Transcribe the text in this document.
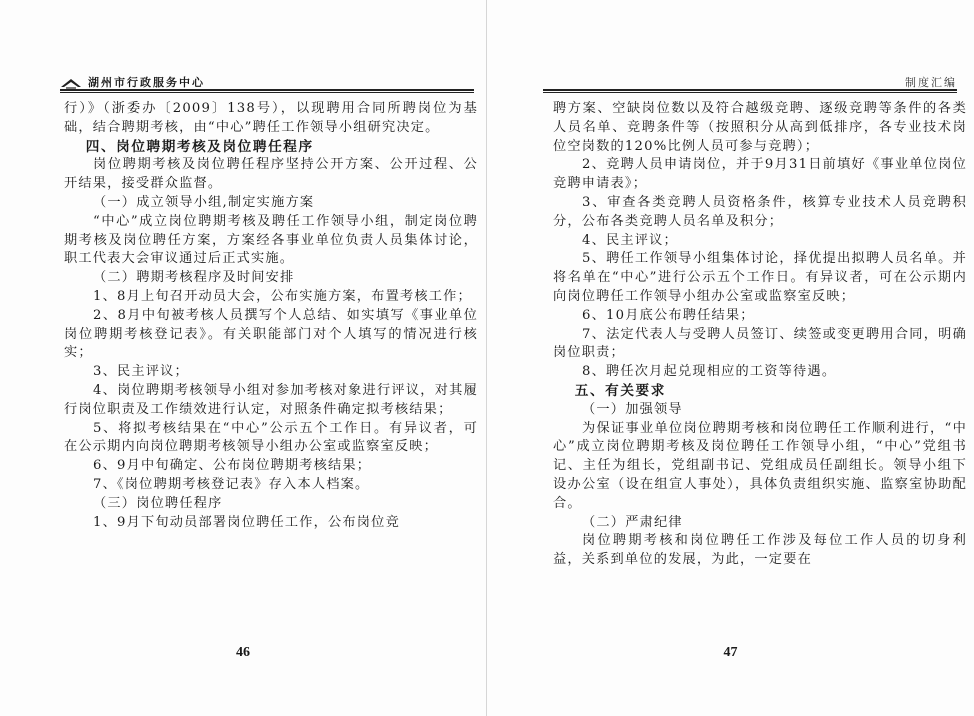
湖州市行政服务中心

行）》（浙委办〔2009〕138号），以现聘用合同所聘岗位为基础，结合聘期考核，由“中心”聘任工作领导小组研究决定。

四、岗位聘期考核及岗位聘任程序

岗位聘期考核及岗位聘任程序坚持公开方案、公开过程、公开结果，接受群众监督。

（一）成立领导小组,制定实施方案

“中心”成立岗位聘期考核及聘任工作领导小组，制定岗位聘期考核及岗位聘任方案，方案经各事业单位负责人员集体讨论，职工代表大会审议通过后正式实施。

（二）聘期考核程序及时间安排

1、8月上旬召开动员大会，公布实施方案，布置考核工作；

2、8月中旬被考核人员撰写个人总结、如实填写《事业单位岗位聘期考核登记表》。有关职能部门对个人填写的情况进行核实；

3、民主评议；

4、岗位聘期考核领导小组对参加考核对象进行评议，对其履行岗位职责及工作绩效进行认定，对照条件确定拟考核结果；

5、将拟考核结果在“中心”公示五个工作日。有异议者，可在公示期内向岗位聘期考核领导小组办公室或监察室反映；

6、9月中旬确定、公布岗位聘期考核结果；

7、《岗位聘期考核登记表》存入本人档案。

（三）岗位聘任程序

1、9月下旬动员部署岗位聘任工作，公布岗位竞

46
制度汇编

聘方案、空缺岗位数以及符合越级竞聘、逐级竞聘等条件的各类人员名单、竞聘条件等（按照积分从高到低排序，各专业技术岗位空岗数的120%比例人员可参与竞聘）；

2、竞聘人员申请岗位，并于9月31日前填好《事业单位岗位竞聘申请表》；

3、审查各类竞聘人员资格条件，核算专业技术人员竞聘积分，公布各类竞聘人员名单及积分；

4、民主评议；

5、聘任工作领导小组集体讨论，择优提出拟聘人员名单。并将名单在“中心”进行公示五个工作日。有异议者，可在公示期内向岗位聘任工作领导小组办公室或监察室反映；

6、10月底公布聘任结果；

7、法定代表人与受聘人员签订、续签或变更聘用合同，明确岗位职责；

8、聘任次月起兑现相应的工资等待遇。

五、有关要求

（一）加强领导

为保证事业单位岗位聘期考核和岗位聘任工作顺利进行，“中心”成立岗位聘期考核及岗位聘任工作领导小组，“中心”党组书记、主任为组长，党组副书记、党组成员任副组长。领导小组下设办公室（设在组宣人事处），具体负责组织实施、监察室协助配合。

（二）严肃纪律

岗位聘期考核和岗位聘任工作涉及每位工作人员的切身利益，关系到单位的发展，为此，一定要在

47
